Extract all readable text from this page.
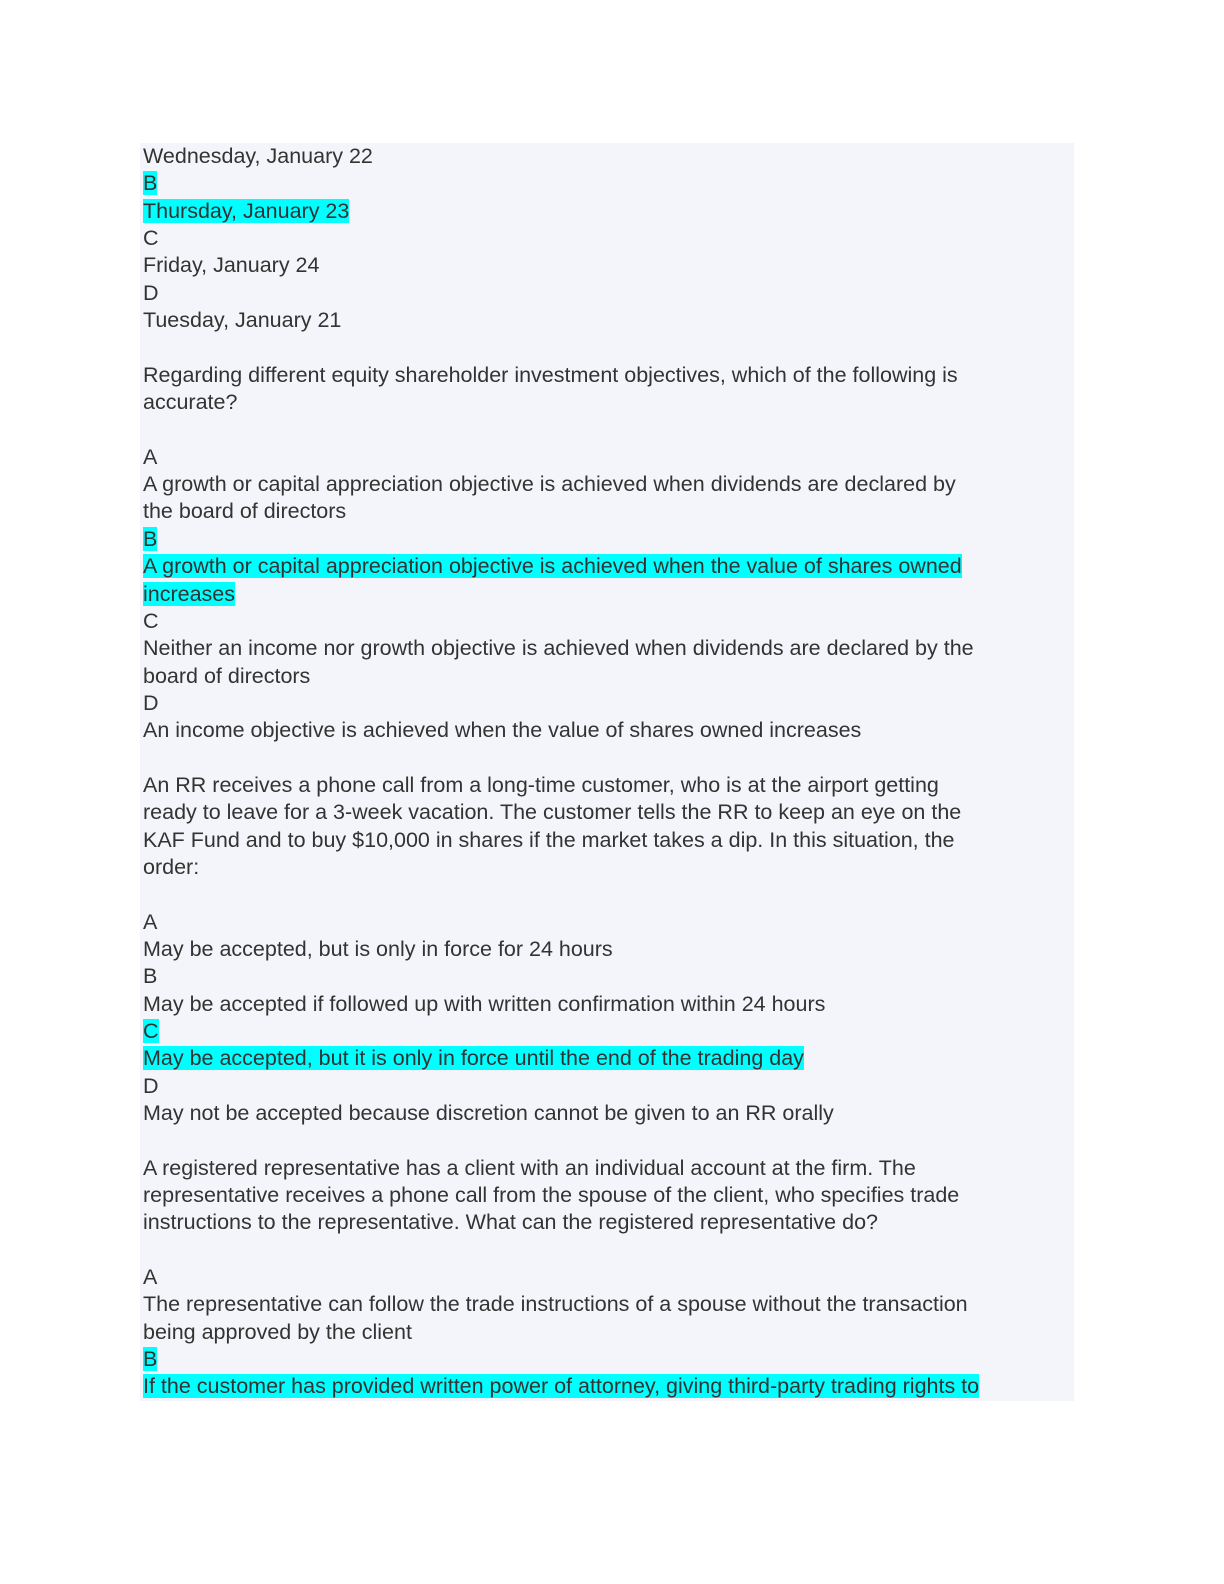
Wednesday, January 22
B
Thursday, January 23
C
Friday, January 24
D
Tuesday, January 21
Regarding different equity shareholder investment objectives, which of the following is
accurate?
A
A growth or capital appreciation objective is achieved when dividends are declared by
the board of directors
B
A growth or capital appreciation objective is achieved when the value of shares owned
increases
C
Neither an income nor growth objective is achieved when dividends are declared by the
board of directors
D
An income objective is achieved when the value of shares owned increases
An RR receives a phone call from a long-time customer, who is at the airport getting
ready to leave for a 3-week vacation. The customer tells the RR to keep an eye on the
KAF Fund and to buy $10,000 in shares if the market takes a dip. In this situation, the
order:
A
May be accepted, but is only in force for 24 hours
B
May be accepted if followed up with written confirmation within 24 hours
C
May be accepted, but it is only in force until the end of the trading day
D
May not be accepted because discretion cannot be given to an RR orally
A registered representative has a client with an individual account at the firm. The
representative receives a phone call from the spouse of the client, who specifies trade
instructions to the representative. What can the registered representative do?
A
The representative can follow the trade instructions of a spouse without the transaction
being approved by the client
B
If the customer has provided written power of attorney, giving third-party trading rights to
